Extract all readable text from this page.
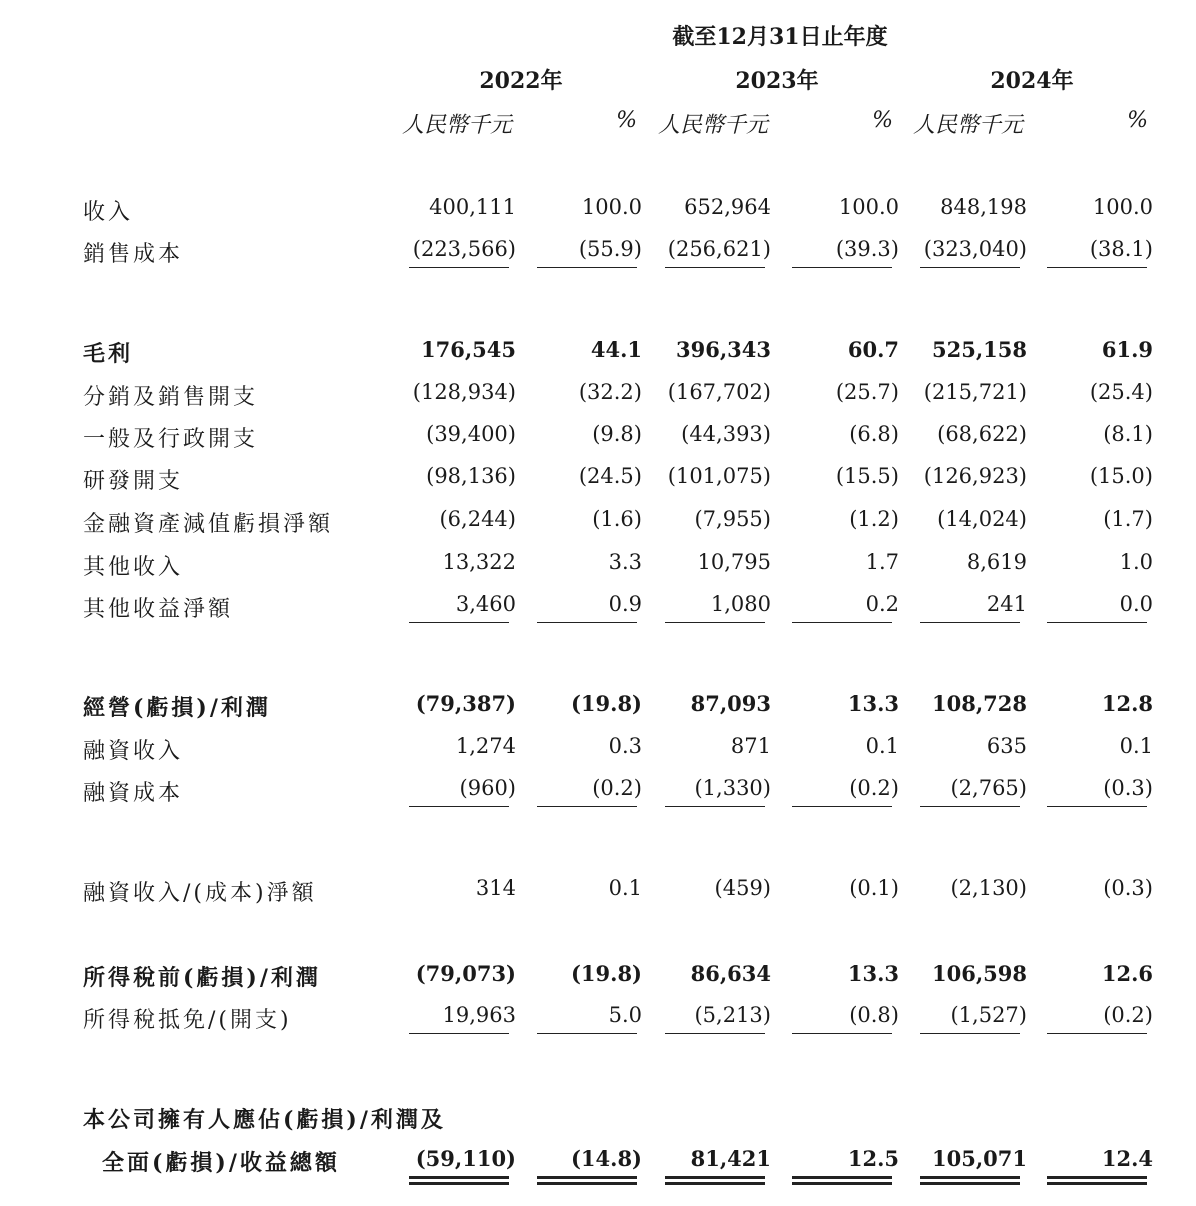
截至12月31日止年度
2022年	2023年	2024年
人民幣千元	% 人民幣千元	% 人民幣千元	%
收入	400,111	100.0	652,964	100.0	848,198	100.0
銷售成本	(223,566)	(55.9)	(256,621)	(39.3)	(323,040)	(38.1)
毛利	176,545	44.1	396,343	60.7	525,158	61.9
分銷及銷售開支	(128,934)	(32.2)	(167,702)	(25.7)	(215,721)	(25.4)
一般及行政開支	(39,400)	(9.8)	(44,393)	(6.8)	(68,622)	(8.1)
研發開支	(98,136)	(24.5)	(101,075)	(15.5)	(126,923)	(15.0)
金融資產減值虧損淨額	(6,244)	(1.6)	(7,955)	(1.2)	(14,024)	(1.7)
其他收入	13,322	3.3	10,795	1.7	8,619	1.0
其他收益淨額	3,460	0.9	1,080	0.2	241	0.0
經營(虧損)/利潤	(79,387)	(19.8)	87,093	13.3	108,728	12.8
融資收入	1,274	0.3	871	0.1	635	0.1
融資成本	(960)	(0.2)	(1,330)	(0.2)	(2,765)	(0.3)
融資收入/(成本)淨額	314	0.1	(459)	(0.1)	(2,130)	(0.3)
所得稅前(虧損)/利潤	(79,073)	(19.8)	86,634	13.3	106,598	12.6
所得稅抵免/(開支)	19,963	5.0	(5,213)	(0.8)	(1,527)	(0.2)
本公司擁有人應佔(虧損)/利潤及
全面(虧損)/收益總額	(59,110)	(14.8)	81,421	12.5	105,071	12.4
